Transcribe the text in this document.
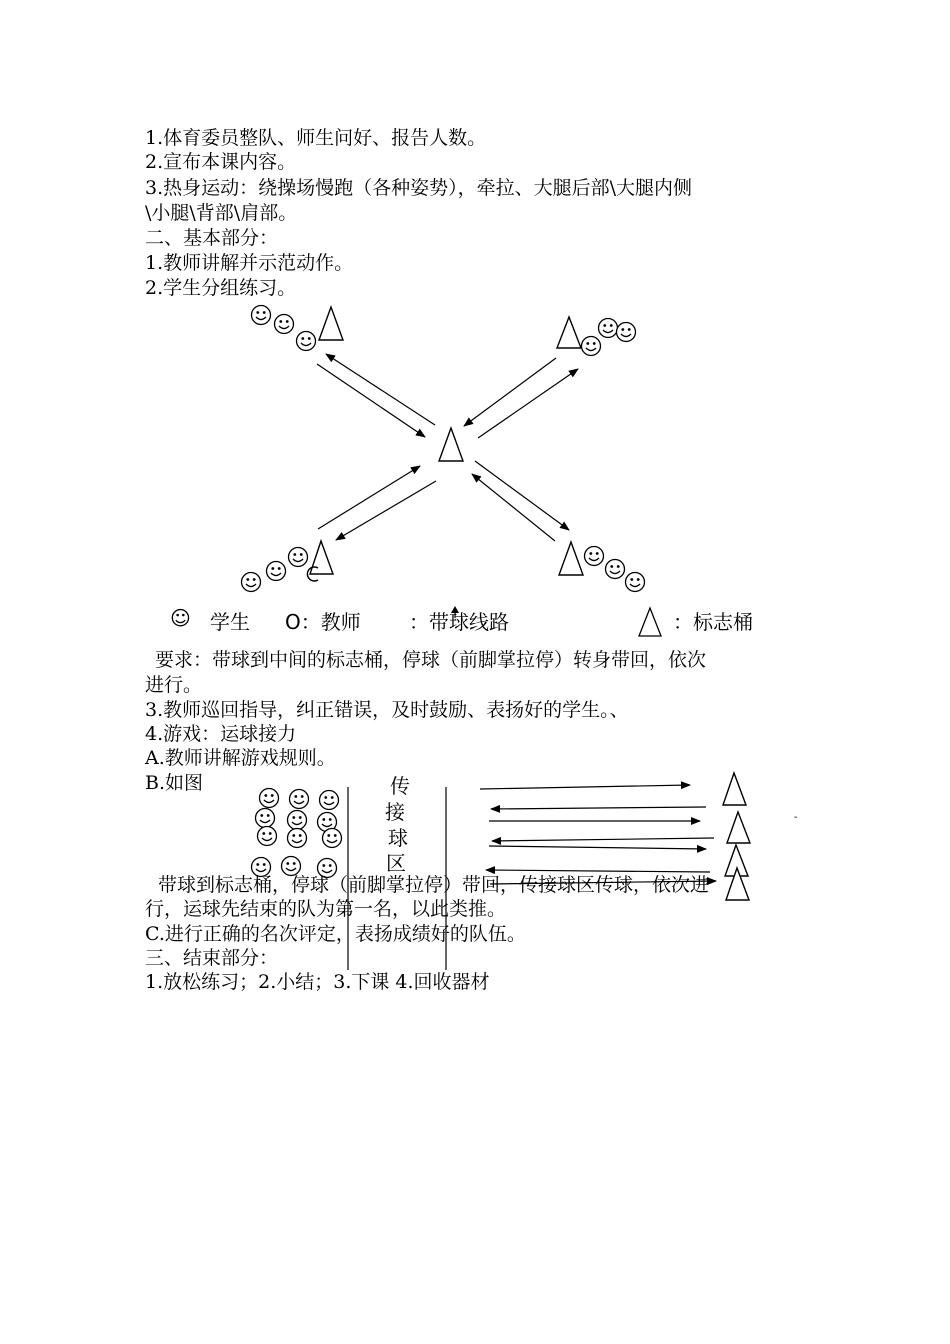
1.体育委员整队、师生问好、报告人数。
2.宣布本课内容。
3.热身运动：绕操场慢跑（各种姿势），牵拉、大腿后部\大腿内侧
\小腿\背部\肩部。
二、基本部分：
1.教师讲解并示范动作。
2.学生分组练习。
☺ 学生 O：教师 ：带球线路	：标志桶
要求：带球到中间的标志桶，停球（前脚掌拉停）转身带回，依次
进行。
3.教师巡回指导，纠正错误，及时鼓励、表扬好的学生。、
4.游戏：运球接力
A.教师讲解游戏规则。
B.如图	传
接
球
区
-
带球到标志桶，停球（前脚掌拉停）带回，传接球区传球，依次进
行，运球先结束的队为第一名，以此类推。
C.进行正确的名次评定，表扬成绩好的队伍。
三、结束部分：
1.放松练习；2.小结；3.下课 4.回收器材
